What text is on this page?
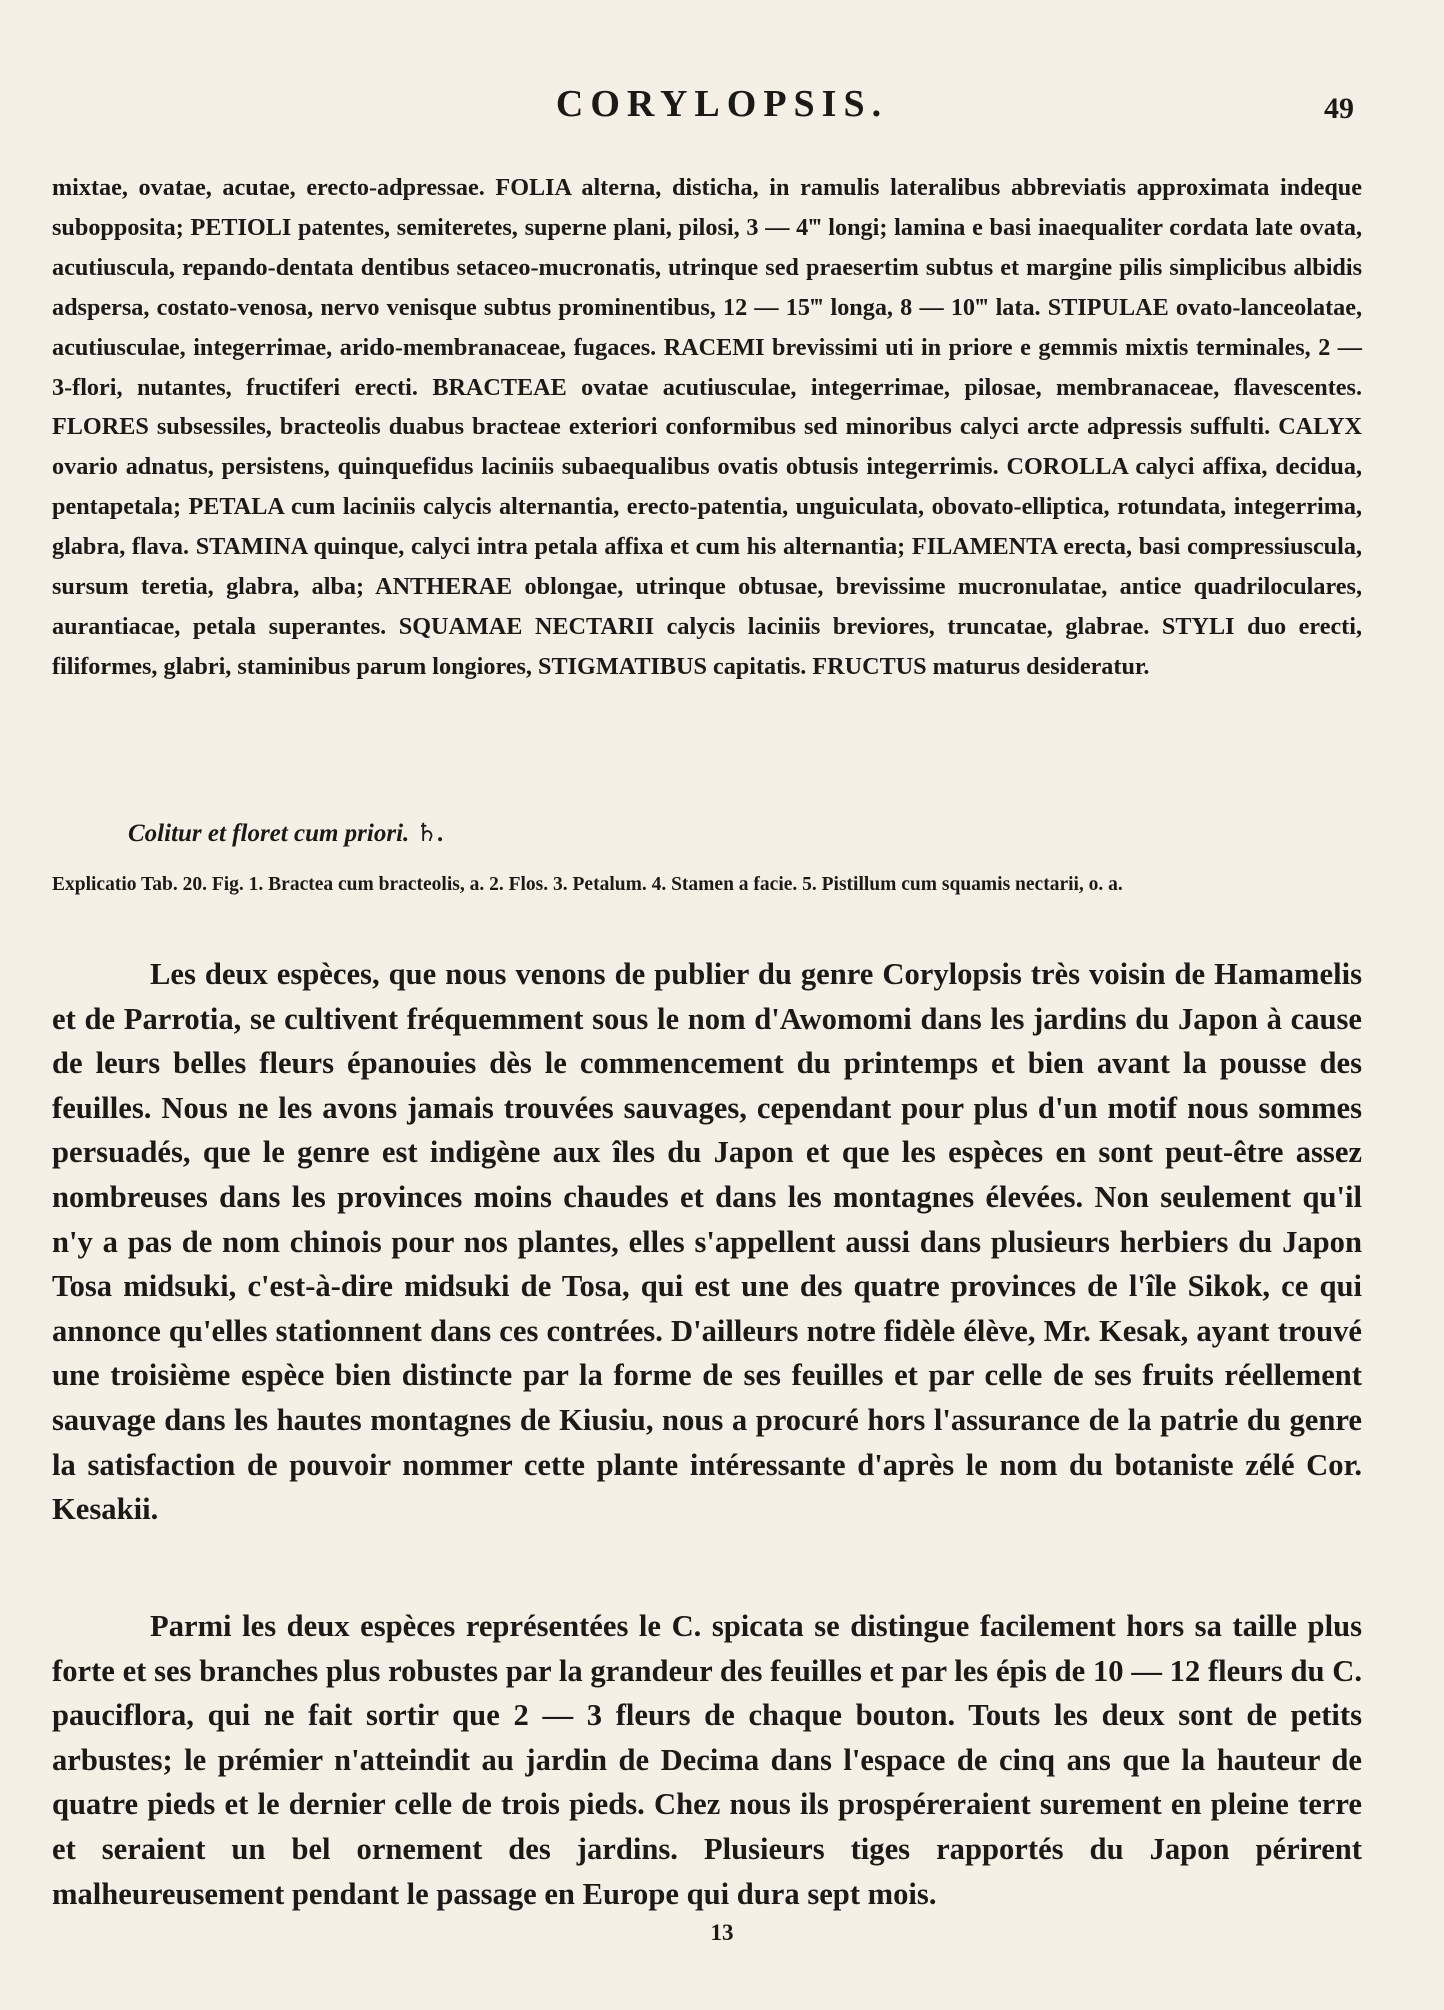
CORYLOPSIS.	49

mixtae, ovatae, acutae, erecto-adpressae. FOLIA alterna, disticha, in ramulis lateralibus abbreviatis approximata indeque subopposita; PETIOLI patentes, semiteretes, superne plani, pilosi, 3 — 4‴ longi; lamina e basi inaequaliter cordata late ovata, acutiuscula, repando-dentata dentibus setaceo-mucronatis, utrinque sed praesertim subtus et margine pilis simplicibus albidis adspersa, costato-venosa, nervo venisque subtus prominentibus, 12 — 15‴ longa, 8 — 10‴ lata. STIPULAE ovato-lanceolatae, acutiusculae, integerrimae, arido-membranaceae, fugaces. RACEMI brevissimi uti in priore e gemmis mixtis terminales, 2 — 3-flori, nutantes, fructiferi erecti. BRACTEAE ovatae acutiusculae, integerrimae, pilosae, membranaceae, flavescentes. FLORES subsessiles, bracteolis duabus bracteae exteriori conformibus sed minoribus calyci arcte adpressis suffulti. CALYX ovario adnatus, persistens, quinquefidus laciniis subaequalibus ovatis obtusis integerrimis. COROLLA calyci affixa, decidua, pentapetala; PETALA cum laciniis calycis alternantia, erecto-patentia, unguiculata, obovato-elliptica, rotundata, integerrima, glabra, flava. STAMINA quinque, calyci intra petala affixa et cum his alternantia; FILAMENTA erecta, basi compressiuscula, sursum teretia, glabra, alba; ANTHERAE oblongae, utrinque obtusae, brevissime mucronulatae, antice quadriloculares, aurantiacae, petala superantes. SQUAMAE NECTARII calycis laciniis breviores, truncatae, glabrae. STYLI duo erecti, filiformes, glabri, staminibus parum longiores, STIGMATIBUS capitatis. FRUCTUS maturus desideratur.

Colitur et floret cum priori. ♄.
Explicatio Tab. 20. Fig. 1. Bractea cum bracteolis, a. 2. Flos. 3. Petalum. 4. Stamen a facie. 5. Pistillum cum squamis nectarii, o. a.

Les deux espèces, que nous venons de publier du genre Corylopsis très voisin de Hamamelis et de Parrotia, se cultivent fréquemment sous le nom d'Awomomi dans les jardins du Japon à cause de leurs belles fleurs épanouies dès le commencement du printemps et bien avant la pousse des feuilles. Nous ne les avons jamais trouvées sauvages, cependant pour plus d'un motif nous sommes persuadés, que le genre est indigène aux îles du Japon et que les espèces en sont peut-être assez nombreuses dans les provinces moins chaudes et dans les montagnes élevées. Non seulement qu'il n'y a pas de nom chinois pour nos plantes, elles s'appellent aussi dans plusieurs herbiers du Japon Tosa midsuki, c'est-à-dire midsuki de Tosa, qui est une des quatre provinces de l'île Sikok, ce qui annonce qu'elles stationnent dans ces contrées. D'ailleurs notre fidèle élève, Mr. Kesak, ayant trouvé une troisième espèce bien distincte par la forme de ses feuilles et par celle de ses fruits réellement sauvage dans les hautes montagnes de Kiusiu, nous a procuré hors l'assurance de la patrie du genre la satisfaction de pouvoir nommer cette plante intéressante d'après le nom du botaniste zélé Cor. Kesakii.

Parmi les deux espèces représentées le C. spicata se distingue facilement hors sa taille plus forte et ses branches plus robustes par la grandeur des feuilles et par les épis de 10 — 12 fleurs du C. pauciflora, qui ne fait sortir que 2 — 3 fleurs de chaque bouton. Touts les deux sont de petits arbustes; le prémier n'atteindit au jardin de Decima dans l'espace de cinq ans que la hauteur de quatre pieds et le dernier celle de trois pieds. Chez nous ils prospéreraient surement en pleine terre et seraient un bel ornement des jardins. Plusieurs tiges rapportés du Japon périrent malheureusement pendant le passage en Europe qui dura sept mois.

13
